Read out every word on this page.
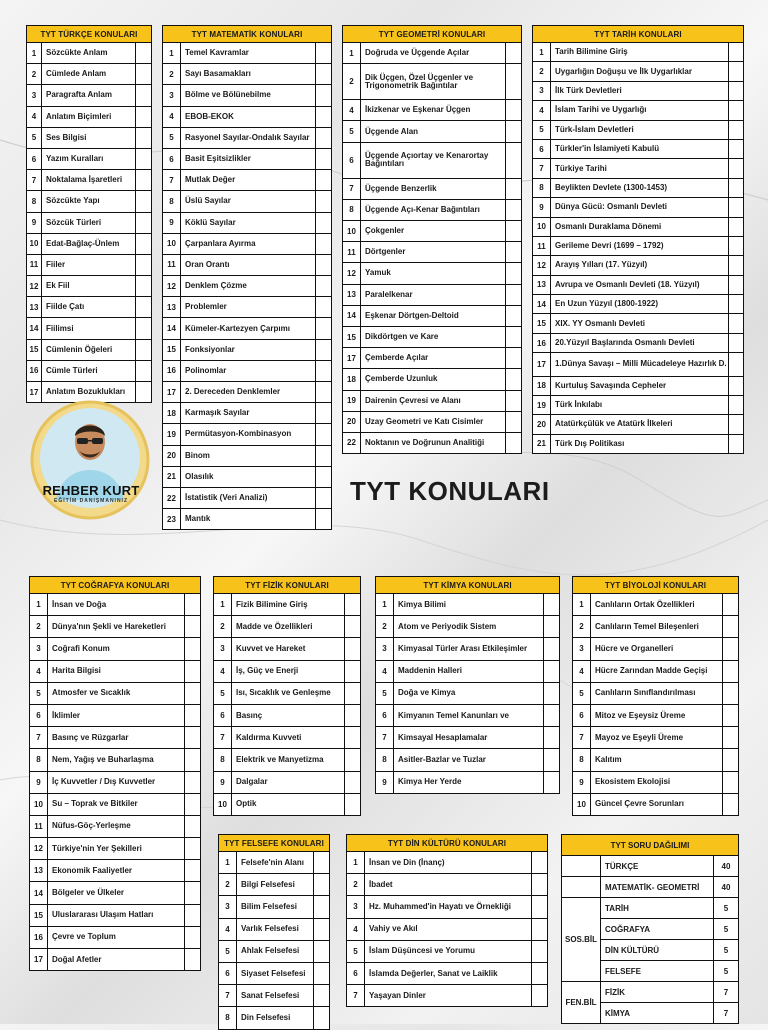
TYT TÜRKÇE KONULARI		
1	Sözcükte Anlam	
2	Cümlede Anlam	
3	Paragrafta Anlam	
4	Anlatım Biçimleri	
5	Ses Bilgisi	
6	Yazım Kuralları	
7	Noktalama İşaretleri	
8	Sözcükte Yapı	
9	Sözcük Türleri	
10	Edat-Bağlaç-Ünlem	
11	Fiiler	
12	Ek Fiil	
13	Fiilde Çatı	
14	Fiilimsi	
15	Cümlenin Öğeleri	
16	Cümle Türleri	
17	Anlatım Bozuklukları	
TYT MATEMATİK KONULARI		
1	Temel Kavramlar	
2	Sayı Basamakları	
3	Bölme ve Bölünebilme	
4	EBOB-EKOK	
5	Rasyonel Sayılar-Ondalık Sayılar	
6	Basit Eşitsizlikler	
7	Mutlak Değer	
8	Üslü Sayılar	
9	Köklü Sayılar	
10	Çarpanlara Ayırma	
11	Oran Orantı	
12	Denklem Çözme	
13	Problemler	
14	Kümeler-Kartezyen Çarpımı	
15	Fonksiyonlar	
16	Polinomlar	
17	2. Dereceden Denklemler	
18	Karmaşık Sayılar	
19	Permütasyon-Kombinasyon	
20	Binom	
21	Olasılık	
22	İstatistik (Veri Analizi)	
23	Mantık	
TYT GEOMETRİ KONULARI		
1	Doğruda ve Üçgende Açılar	
2	Dik Üçgen, Özel Üçgenler ve Trigonometrik Bağıntılar	
4	İkizkenar ve Eşkenar Üçgen	
5	Üçgende Alan	
6	Üçgende Açıortay ve Kenarortay Bağıntıları	
7	Üçgende Benzerlik	
8	Üçgende Açı-Kenar Bağıntıları	
10	Çokgenler	
11	Dörtgenler	
12	Yamuk	
13	Paralelkenar	
14	Eşkenar Dörtgen-Deltoid	
15	Dikdörtgen ve Kare	
17	Çemberde Açılar	
18	Çemberde Uzunluk	
19	Dairenin Çevresi ve Alanı	
20	Uzay Geometri ve Katı Cisimler	
22	Noktanın ve Doğrunun Analitiği	
TYT TARİH KONULARI		
1	Tarih Bilimine Giriş	
2	Uygarlığın Doğuşu ve İlk Uygarlıklar	
3	İlk Türk Devletleri	
4	İslam Tarihi ve Uygarlığı	
5	Türk-İslam Devletleri	
6	Türkler'in İslamiyeti Kabulü	
7	Türkiye Tarihi	
8	Beylikten Devlete (1300-1453)	
9	Dünya Gücü: Osmanlı Devleti	
10	Osmanlı Duraklama Dönemi	
11	Gerileme Devri (1699 – 1792)	
12	Arayış Yılları (17. Yüzyıl)	
13	Avrupa ve Osmanlı Devleti (18. Yüzyıl)	
14	En Uzun Yüzyıl (1800-1922)	
15	XIX. YY Osmanlı Devleti	
16	20.Yüzyıl Başlarında Osmanlı Devleti	
17	1.Dünya Savaşı – Milli Mücadeleye Hazırlık D.	
18	Kurtuluş Savaşında Cepheler	
19	Türk İnkılabı	
20	Atatürkçülük ve Atatürk İlkeleri	
21	Türk Dış Politikası	
REHBER KURT
EĞİTİM DANIŞMANINIZ	TYT KONULARI
TYT COĞRAFYA KONULARI		
1	İnsan ve Doğa	
2	Dünya'nın Şekli ve Hareketleri	
3	Coğrafi Konum	
4	Harita Bilgisi	
5	Atmosfer ve Sıcaklık	
6	İklimler	
7	Basınç ve Rüzgarlar	
8	Nem, Yağış ve Buharlaşma	
9	İç Kuvvetler / Dış Kuvvetler	
10	Su – Toprak ve Bitkiler	
11	Nüfus-Göç-Yerleşme	
12	Türkiye'nin Yer Şekilleri	
13	Ekonomik Faaliyetler	
14	Bölgeler ve Ülkeler	
15	Uluslararası Ulaşım Hatları	
16	Çevre ve Toplum	
17	Doğal Afetler	
TYT FİZİK KONULARI		
1	Fizik Bilimine Giriş	
2	Madde ve Özellikleri	
3	Kuvvet ve Hareket	
4	İş, Güç ve Enerji	
5	Isı, Sıcaklık ve Genleşme	
6	Basınç	
7	Kaldırma Kuvveti	
8	Elektrik ve Manyetizma	
9	Dalgalar	
10	Optik	
TYT KİMYA KONULARI		
1	Kimya Bilimi	
2	Atom ve Periyodik Sistem	
3	Kimyasal Türler Arası Etkileşimler	
4	Maddenin Halleri	
5	Doğa ve Kimya	
6	Kimyanın Temel Kanunları ve	
7	Kimsayal Hesaplamalar	
8	Asitler-Bazlar ve Tuzlar	
9	Kimya Her Yerde	
TYT BİYOLOJİ KONULARI		
1	Canlıların Ortak Özellikleri	
2	Canlıların Temel Bileşenleri	
3	Hücre ve Organelleri	
4	Hücre Zarından Madde Geçişi	
5	Canlıların Sınıflandırılması	
6	Mitoz ve Eşeysiz Üreme	
7	Mayoz ve Eşeyli Üreme	
8	Kalıtım	
9	Ekosistem Ekolojisi	
10	Güncel Çevre Sorunları	
TYT FELSEFE KONULARI		
1	Felsefe'nin Alanı	
2	Bilgi Felsefesi	
3	Bilim Felsefesi	
4	Varlık Felsefesi	
5	Ahlak Felsefesi	
6	Siyaset Felsefesi	
7	Sanat Felsefesi	
8	Din Felsefesi	
TYT DİN KÜLTÜRÜ KONULARI		
1	İnsan ve Din (İnanç)	
2	İbadet	
3	Hz. Muhammed'in Hayatı ve Örnekliği	
4	Vahiy ve Akıl	
5	İslam Düşüncesi ve Yorumu	
6	İslamda Değerler, Sanat ve Laiklik	
7	Yaşayan Dinler	
TYT SORU DAĞILIMI		
	TÜRKÇE	40
	MATEMATİK- GEOMETRİ	40
SOS.BİL	TARİH	5
	COĞRAFYA	5
	DİN KÜLTÜRÜ	5
	FELSEFE	5
FEN.BİL	FİZİK	7
	KİMYA	7
